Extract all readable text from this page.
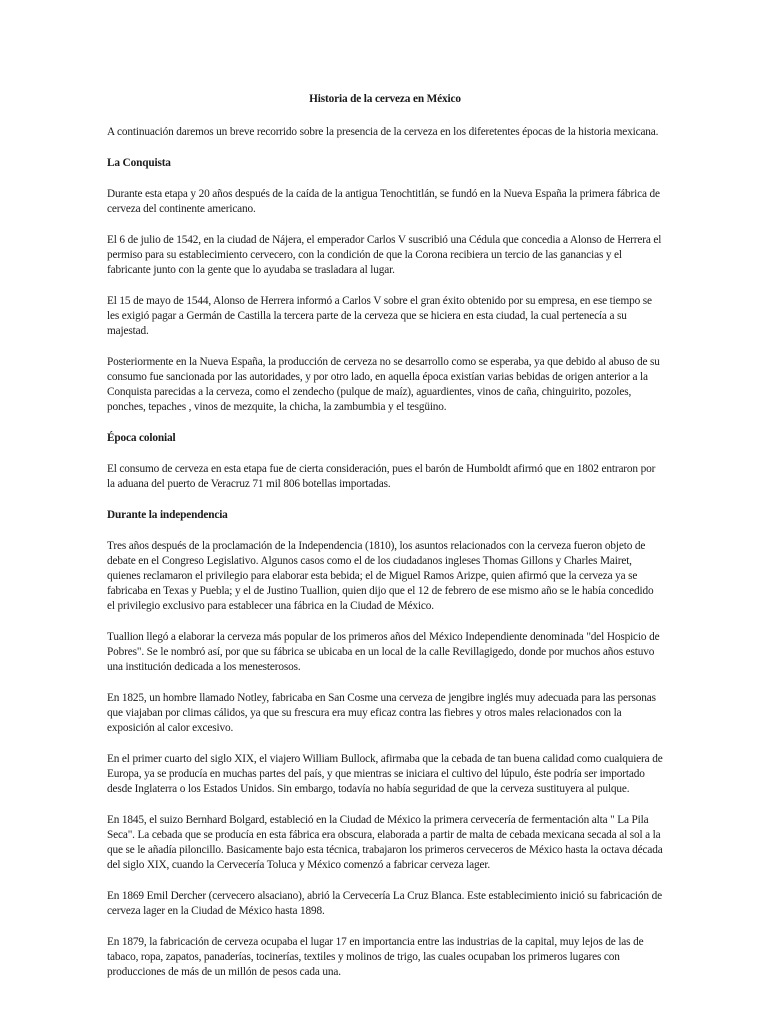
Historia de la cerveza en México

A continuación daremos un breve recorrido sobre la presencia de la cerveza en los diferetentes épocas de la historia mexicana.

La Conquista

Durante esta etapa y 20 años después de la caída de la antigua Tenochtitlán, se fundó en la Nueva España la primera fábrica de cerveza del continente americano.

El 6 de julio de 1542, en la ciudad de Nájera, el emperador Carlos V suscribió una Cédula que concedia a Alonso de Herrera el permiso para su establecimiento cervecero, con la condición de que la Corona recibiera un tercio de las ganancias y el fabricante junto con la gente que lo ayudaba se trasladara al lugar.

El 15 de mayo de 1544, Alonso de Herrera informó a Carlos V sobre el gran éxito obtenido por su empresa, en ese tiempo se les exigió pagar a Germán de Castilla la tercera parte de la cerveza que se hiciera en esta ciudad, la cual pertenecía a su majestad.

Posteriormente en la Nueva España, la producción de cerveza no se desarrollo como se esperaba, ya que debido al abuso de su consumo fue sancionada por las autoridades, y por otro lado, en aquella época existían varias bebidas de origen anterior a la Conquista parecidas a la cerveza, como el zendecho (pulque de maíz), aguardientes, vinos de caña, chinguirito, pozoles, ponches, tepaches , vinos de mezquite, la chicha, la zambumbia y el tesgüino.

Época colonial

El consumo de cerveza en esta etapa fue de cierta consideración, pues el barón de Humboldt afirmó que en 1802 entraron por la aduana del puerto de Veracruz 71 mil 806 botellas importadas.

Durante la independencia

Tres años después de la proclamación de la Independencia (1810), los asuntos relacionados con la cerveza fueron objeto de debate en el Congreso Legislativo. Algunos casos como el de los ciudadanos ingleses Thomas Gillons y Charles Mairet, quienes reclamaron el privilegio para elaborar esta bebida; el de Miguel Ramos Arizpe, quien afirmó que la cerveza ya se fabricaba en Texas y Puebla; y el de Justino Tuallion, quien dijo que el 12 de febrero de ese mismo año se le había concedido el privilegio exclusivo para establecer una fábrica en la Ciudad de México.

Tuallion llegó a elaborar la cerveza más popular de los primeros años del México Independiente denominada "del Hospicio de Pobres". Se le nombró así, por que su fábrica se ubicaba en un local de la calle Revillagigedo, donde por muchos años estuvo una institución dedicada a los menesterosos.

En 1825, un hombre llamado Notley, fabricaba en San Cosme una cerveza de jengibre inglés muy adecuada para las personas que viajaban por climas cálidos, ya que su frescura era muy eficaz contra las fiebres y otros males relacionados con la exposición al calor excesivo.

En el primer cuarto del siglo XIX, el viajero William Bullock, afirmaba que la cebada de tan buena calidad como cualquiera de Europa, ya se producía en muchas partes del país, y que mientras se iniciara el cultivo del lúpulo, éste podría ser importado desde Inglaterra o los Estados Unidos. Sin embargo, todavía no había seguridad de que la cerveza sustituyera al pulque.

En 1845, el suizo Bernhard Bolgard, estableció en la Ciudad de México la primera cervecería de fermentación alta " La Pila Seca". La cebada que se producía en esta fábrica era obscura, elaborada a partir de malta de cebada mexicana secada al sol a la que se le añadía piloncillo. Basicamente bajo esta técnica, trabajaron los primeros cerveceros de México hasta la octava década del siglo XIX, cuando la Cervecería Toluca y México comenzó a fabricar cerveza lager.

En 1869 Emil Dercher (cervecero alsaciano), abrió la Cervecería La Cruz Blanca. Este establecimiento inició su fabricación de cerveza lager en la Ciudad de México hasta 1898.

En 1879, la fabricación de cerveza ocupaba el lugar 17 en importancia entre las industrias de la capital, muy lejos de las de tabaco, ropa, zapatos, panaderías, tocinerías, textiles y molinos de trigo, las cuales ocupaban los primeros lugares con producciones de más de un millón de pesos cada una.
